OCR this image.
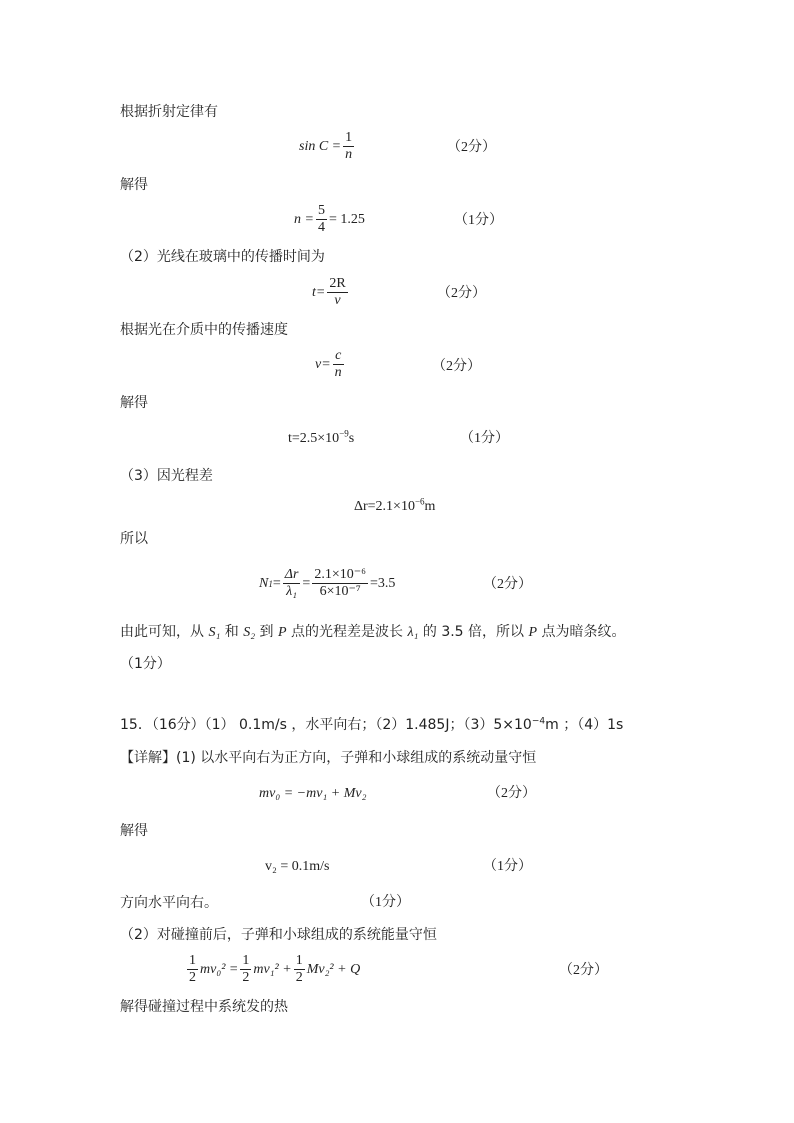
根据折射定律有
$\sin C = \frac{1}{n}$	（2分）
解得
$n = \frac{5}{4} = 1.25$	（1分）
（2）光线在玻璃中的传播时间为
$t= \frac{2R}{v}$	（2分）
根据光在介质中的传播速度
$v= \frac{c}{n}$	（2分）
解得
$t=2.5\times 10^{-9}s$	（1分）
（3）因光程差
$\Delta r=2.1\times 10^{-6}m$
所以
N $1 = \frac{\Delta r}{\text{λ₁}} = \frac{\text{2.1×10⁻⁶}}{\text{6×10⁻⁷}} =3.5$	（2分）
由此可知，从 S₁ 和 S₂ 到 P 点的光程差是波长 λ₁ 的 3.5 倍，所以 P 点为暗条纹。
（1分）
15．（16分）（1） 0.1m/s ，水平向右；（2）1.485J；$(3)5\times 10^{-4}m$ ；（4）1s
【详解】(1) 以水平向右为正方向，子弹和小球组成的系统动量守恒
mv₀ = −mv₁ + Mv₂	（2分）
解得
v₂ = 0.1m/s	（1分）
方向水平向右。	（1分）
（2）对碰撞前后，子弹和小球组成的系统能量守恒
$\frac{1}{2} mv_0^2 = \frac{1}{2} mv_1^2 + \frac{1}{2} Mv_2^2 + Q$	（2分）
解得碰撞过程中系统发的热
